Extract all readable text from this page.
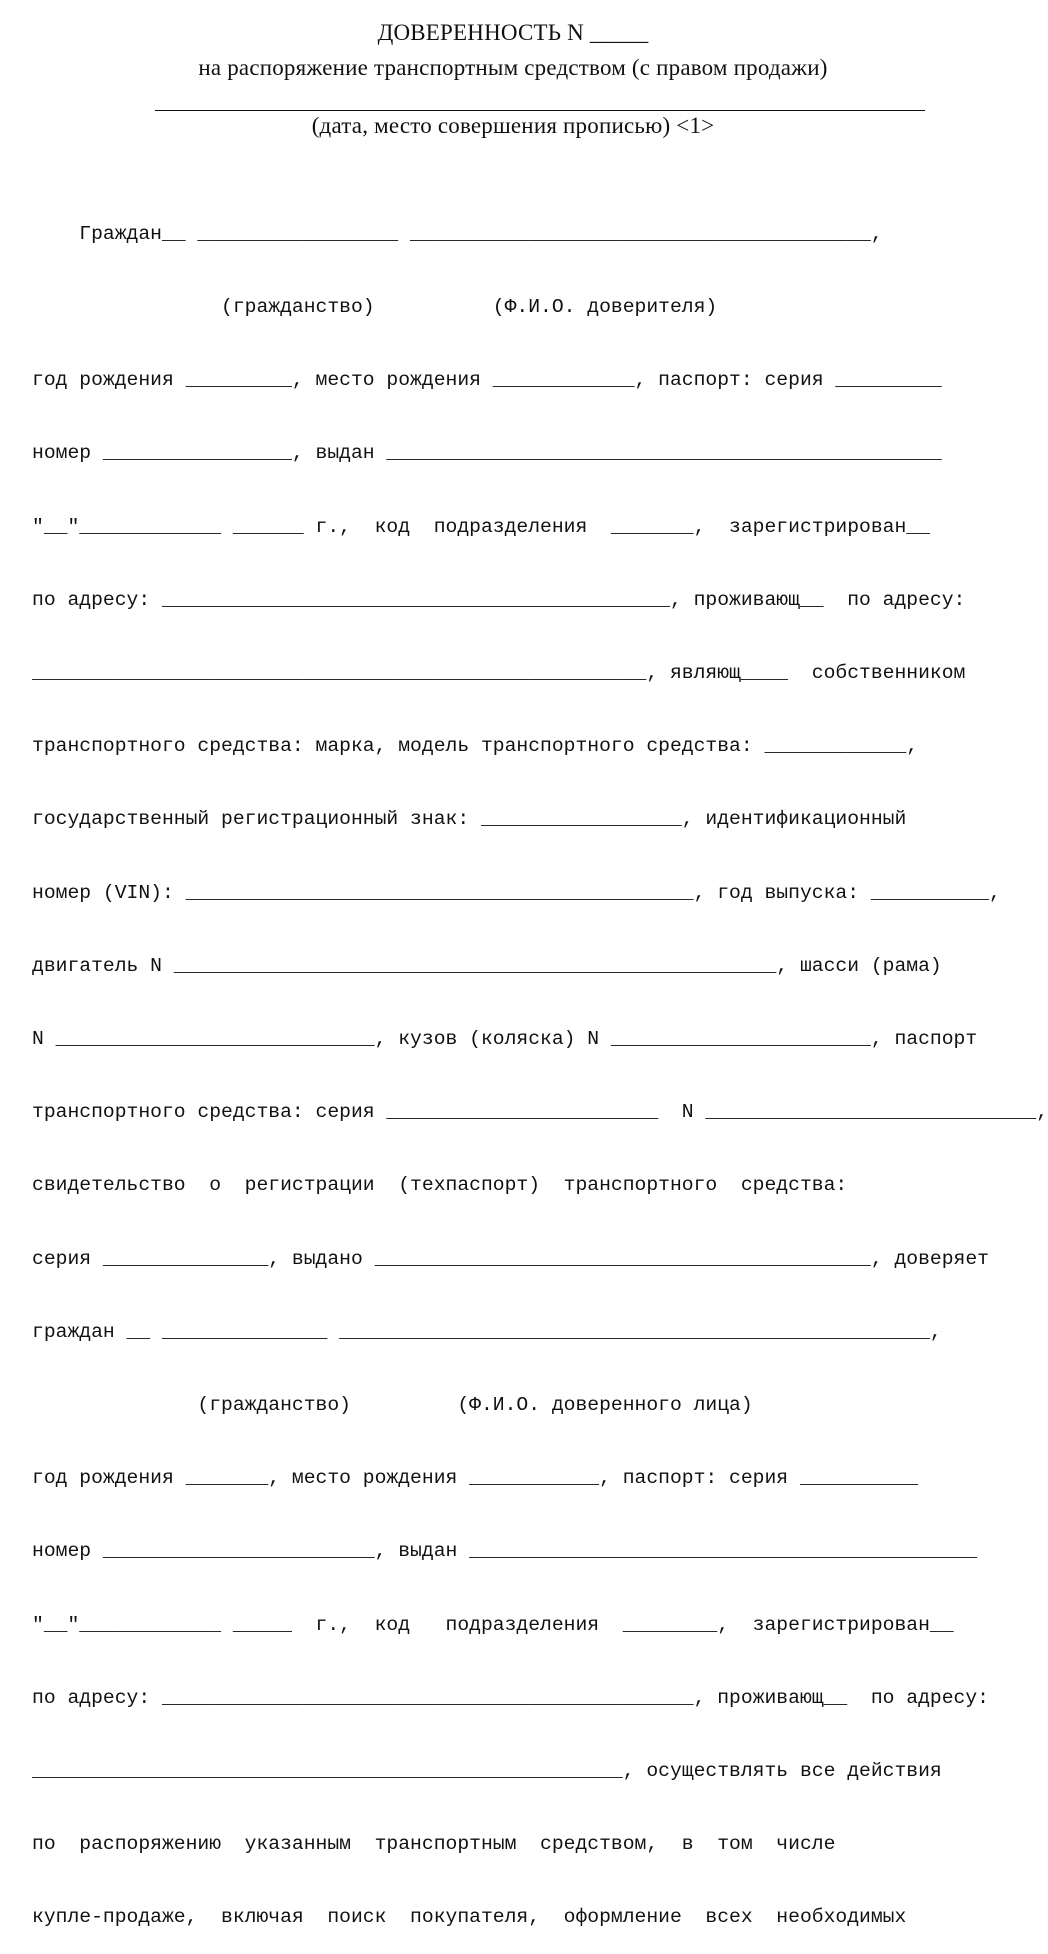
ДОВЕРЕННОСТЬ N _____
на распоряжение транспортным средством (с правом продажи)
(дата, место совершения прописью) <1>

Граждан__ _________________ _______________________________________,

(гражданство)          (Ф.И.О. доверителя)

год рождения _________, место рождения ____________, паспорт: серия _________

номер ________________, выдан _______________________________________________

"__"____________ ______ г.,  код  подразделения  _______,  зарегистрирован__

по адресу: ___________________________________________, проживающ__  по адресу:

____________________________________________________, являющ____  собственником

транспортного средства: марка, модель транспортного средства: ____________,

государственный регистрационный знак: _________________, идентификационный

номер (VIN): ___________________________________________, год выпуска: __________,

двигатель N ___________________________________________________, шасси (рама)

N ___________________________, кузов (коляска) N ______________________, паспорт

транспортного средства: серия _______________________  N ____________________________,

свидетельство  о  регистрации  (техпаспорт)  транспортного  средства:

серия ______________, выдано __________________________________________, доверяет

граждан __ ______________ __________________________________________________,

(гражданство)         (Ф.И.О. доверенного лица)

год рождения _______, место рождения ___________, паспорт: серия __________

номер _______________________, выдан ___________________________________________

"__"____________ _____  г.,  код   подразделения  ________,  зарегистрирован__

по адресу: _____________________________________________, проживающ__  по адресу:

__________________________________________________, осуществлять все действия

по  распоряжению  указанным  транспортным  средством,  в  том  числе

купле-продаже,  включая  поиск  покупателя,  оформление  всех  необходимых
